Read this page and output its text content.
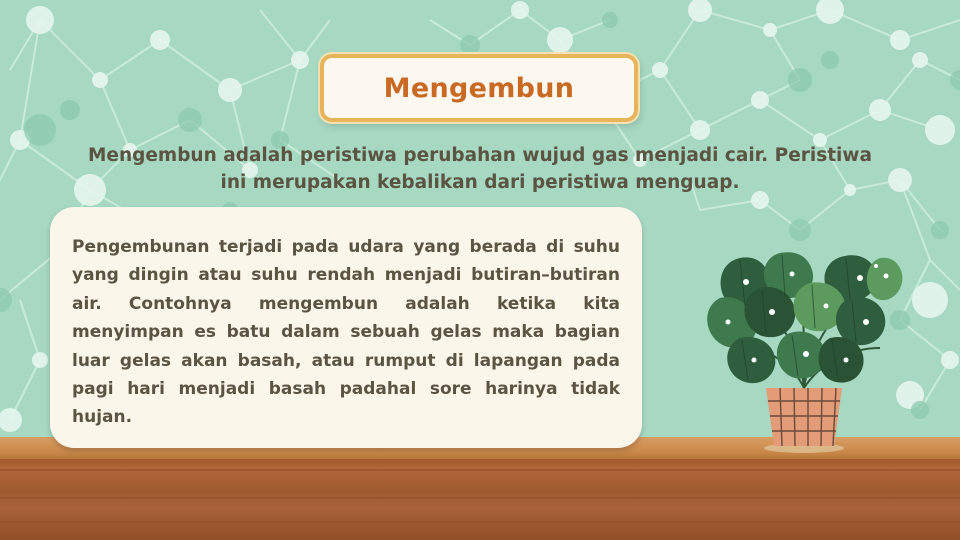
Mengembun
Mengembun adalah peristiwa perubahan wujud gas menjadi cair. Peristiwa
ini merupakan kebalikan dari peristiwa menguap.

Pengembunan terjadi pada udara yang berada di suhu yang dingin atau suhu rendah menjadi butiran–butiran air. Contohnya mengembun adalah ketika kita menyimpan es batu dalam sebuah gelas maka bagian luar gelas akan basah, atau rumput di lapangan pada pagi hari menjadi basah padahal sore harinya tidak hujan.
